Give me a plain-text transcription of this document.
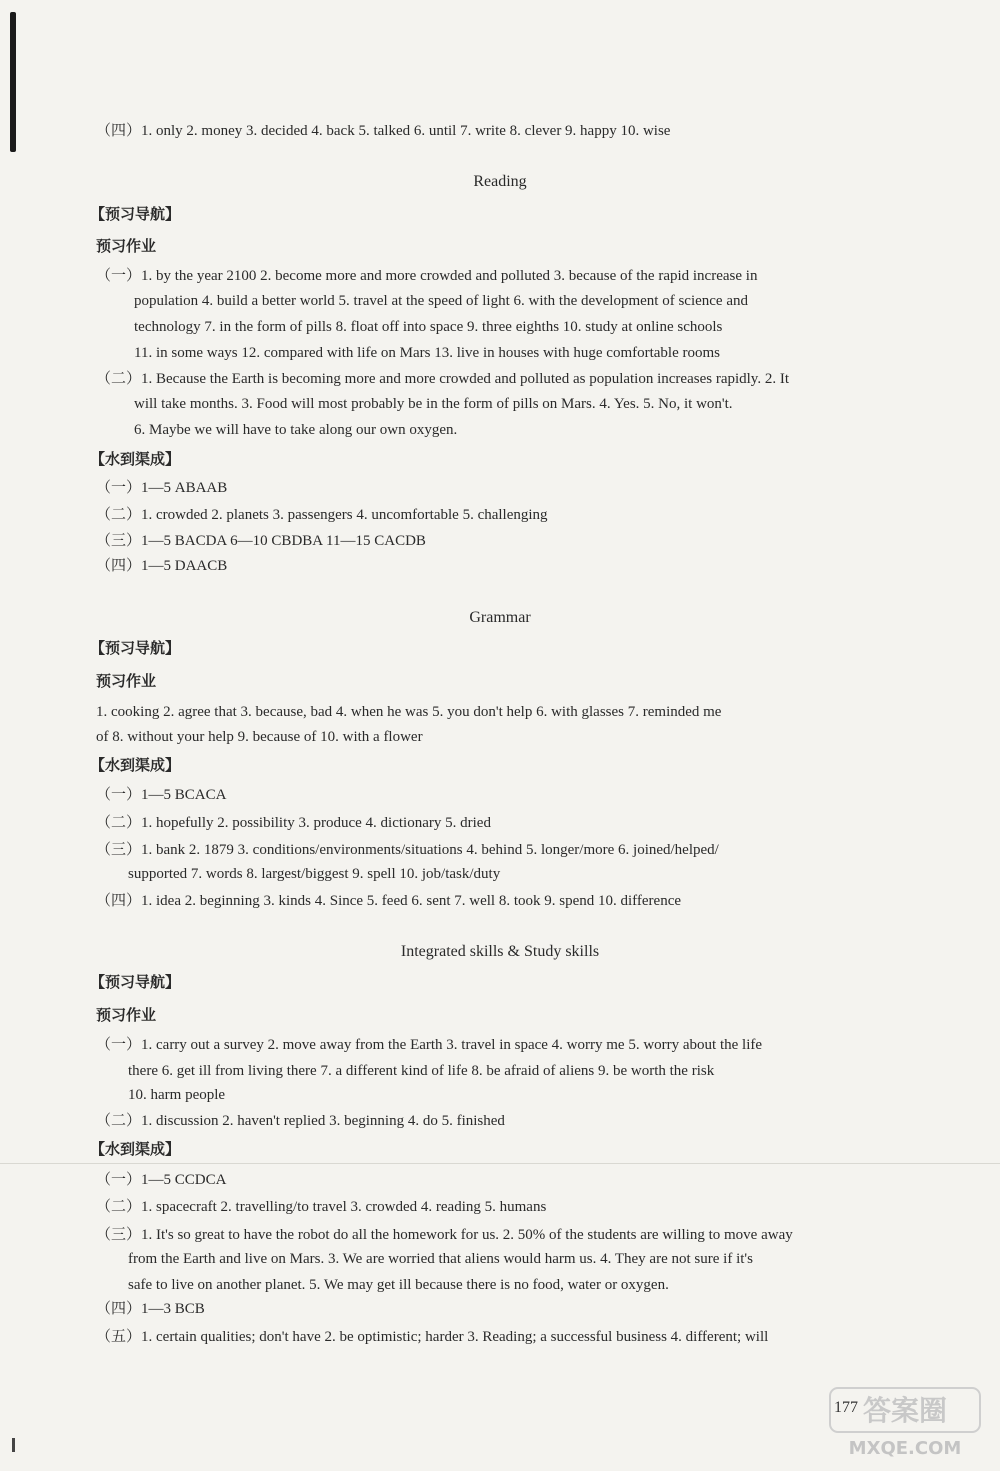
（四）1. only 2. money 3. decided 4. back 5. talked 6. until 7. write 8. clever 9. happy 10. wise
Reading
【预习导航】
预习作业
（一）1. by the year 2100 2. become more and more crowded and polluted 3. because of the rapid increase in
population 4. build a better world 5. travel at the speed of light 6. with the development of science and
technology 7. in the form of pills 8. float off into space 9. three eighths 10. study at online schools
11. in some ways 12. compared with life on Mars 13. live in houses with huge comfortable rooms
（二）1. Because the Earth is becoming more and more crowded and polluted as population increases rapidly. 2. It
will take months. 3. Food will most probably be in the form of pills on Mars. 4. Yes. 5. No, it won't.
6. Maybe we will have to take along our own oxygen.
【水到渠成】
（一）1—5 ABAAB
（二）1. crowded 2. planets 3. passengers 4. uncomfortable 5. challenging
（三）1—5 BACDA 6—10 CBDBA 11—15 CACDB
（四）1—5 DAACB
Grammar
【预习导航】
预习作业
1. cooking 2. agree that 3. because, bad 4. when he was 5. you don't help 6. with glasses 7. reminded me
of 8. without your help 9. because of 10. with a flower
【水到渠成】
（一）1—5 BCACA
（二）1. hopefully 2. possibility 3. produce 4. dictionary 5. dried
（三）1. bank 2. 1879 3. conditions/environments/situations 4. behind 5. longer/more 6. joined/helped/
supported 7. words 8. largest/biggest 9. spell 10. job/task/duty
（四）1. idea 2. beginning 3. kinds 4. Since 5. feed 6. sent 7. well 8. took 9. spend 10. difference
Integrated skills & Study skills
【预习导航】
预习作业
（一）1. carry out a survey 2. move away from the Earth 3. travel in space 4. worry me 5. worry about the life
there 6. get ill from living there 7. a different kind of life 8. be afraid of aliens 9. be worth the risk
10. harm people
（二）1. discussion 2. haven't replied 3. beginning 4. do 5. finished
【水到渠成】
（一）1—5 CCDCA
（二）1. spacecraft 2. travelling/to travel 3. crowded 4. reading 5. humans
（三）1. It's so great to have the robot do all the homework for us. 2. 50% of the students are willing to move away
from the Earth and live on Mars. 3. We are worried that aliens would harm us. 4. They are not sure if it's
safe to live on another planet. 5. We may get ill because there is no food, water or oxygen.
（四）1—3 BCB
（五）1. certain qualities; don't have 2. be optimistic; harder 3. Reading; a successful business 4. different; will
177 答案圈
MXQE.COM
